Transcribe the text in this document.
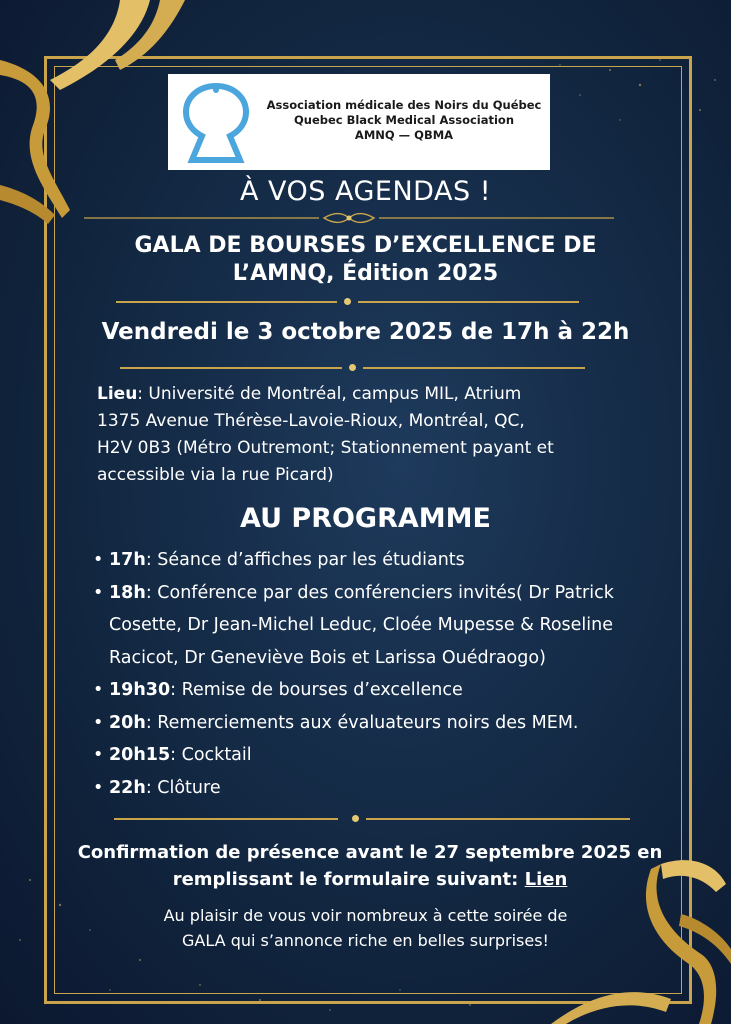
Association médicale des Noirs du Québec
Quebec Black Medical Association
AMNQ — QBMA
À VOS AGENDAS !
GALA DE BOURSES D’EXCELLENCE DE
L’AMNQ, Édition 2025
Vendredi le 3 octobre 2025 de 17h à 22h
Lieu: Université de Montréal, campus MIL, Atrium
1375 Avenue Thérèse-Lavoie-Rioux, Montréal, QC,
H2V 0B3 (Métro Outremont; Stationnement payant et
accessible via la rue Picard)
AU PROGRAMME
• 17h: Séance d’affiches par les étudiants
• 18h: Conférence par des conférenciers invités( Dr Patrick
Cosette, Dr Jean-Michel Leduc, Cloée Mupesse & Roseline
Racicot, Dr Geneviève Bois et Larissa Ouédraogo)
• 19h30: Remise de bourses d’excellence
• 20h: Remerciements aux évaluateurs noirs des MEM.
• 20h15: Cocktail
• 22h: Clôture
Confirmation de présence avant le 27 septembre 2025 en
remplissant le formulaire suivant: Lien
Au plaisir de vous voir nombreux à cette soirée de
GALA qui s’annonce riche en belles surprises!
